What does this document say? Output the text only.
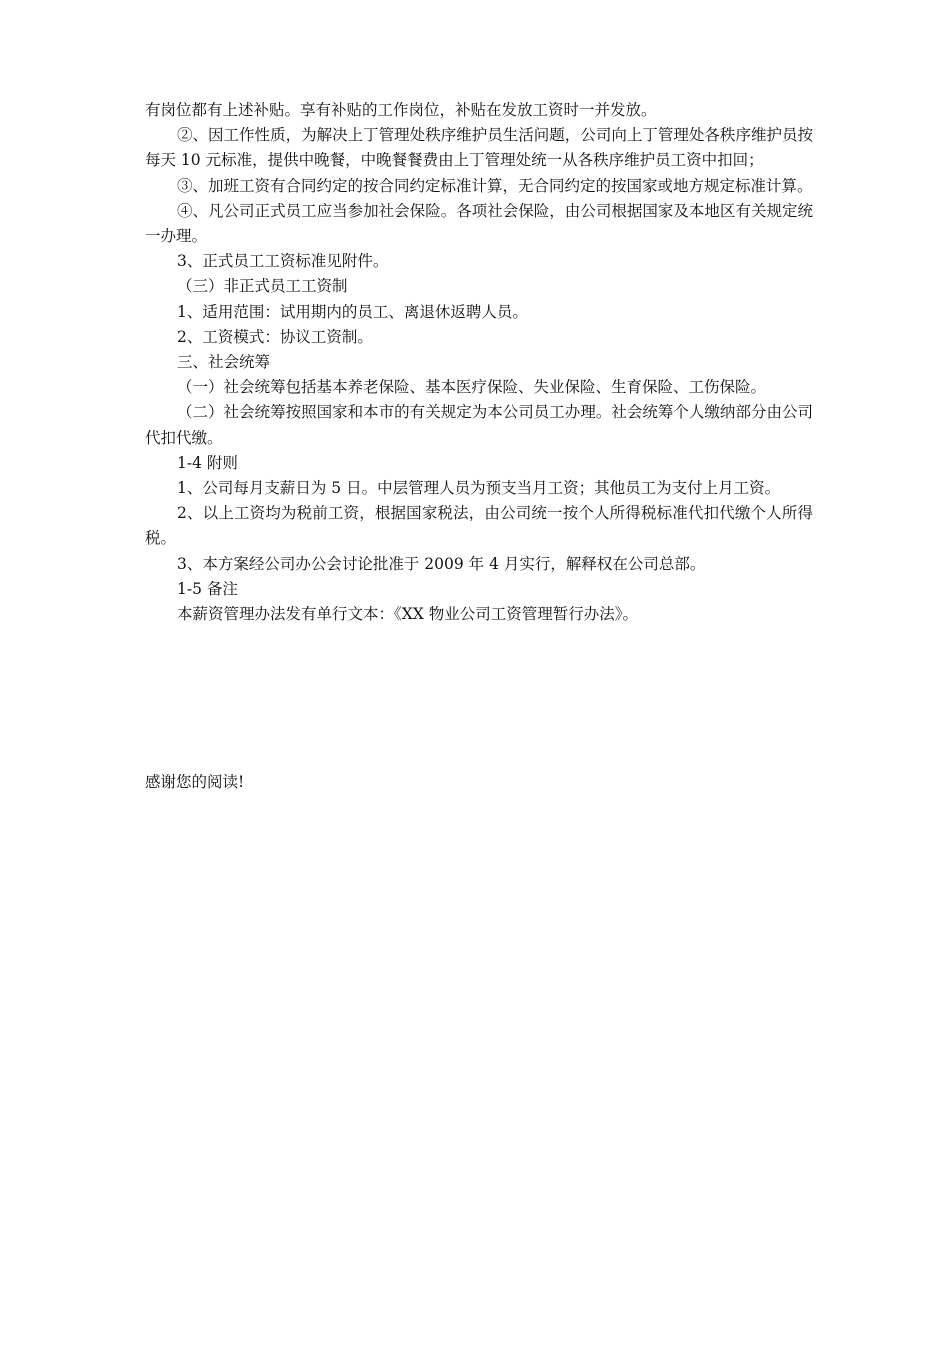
有岗位都有上述补贴。享有补贴的工作岗位，补贴在发放工资时一并发放。

②、因工作性质，为解决上丁管理处秩序维护员生活问题，公司向上丁管理处各秩序维护员按每天 10 元标准，提供中晚餐，中晚餐餐费由上丁管理处统一从各秩序维护员工资中扣回；

③、加班工资有合同约定的按合同约定标准计算，无合同约定的按国家或地方规定标准计算。

④、凡公司正式员工应当参加社会保险。各项社会保险，由公司根据国家及本地区有关规定统一办理。

3、正式员工工资标准见附件。

（三）非正式员工工资制

1、适用范围：试用期内的员工、离退休返聘人员。

2、工资模式：协议工资制。

三、社会统筹

（一）社会统筹包括基本养老保险、基本医疗保险、失业保险、生育保险、工伤保险。

（二）社会统筹按照国家和本市的有关规定为本公司员工办理。社会统筹个人缴纳部分由公司代扣代缴。

1-4 附则

1、公司每月支薪日为 5 日。中层管理人员为预支当月工资；其他员工为支付上月工资。

2、以上工资均为税前工资，根据国家税法，由公司统一按个人所得税标准代扣代缴个人所得税。

3、本方案经公司办公会讨论批准于 2009 年 4 月实行，解释权在公司总部。

1-5 备注

本薪资管理办法发有单行文本：《XX 物业公司工资管理暂行办法》。

感谢您的阅读!
